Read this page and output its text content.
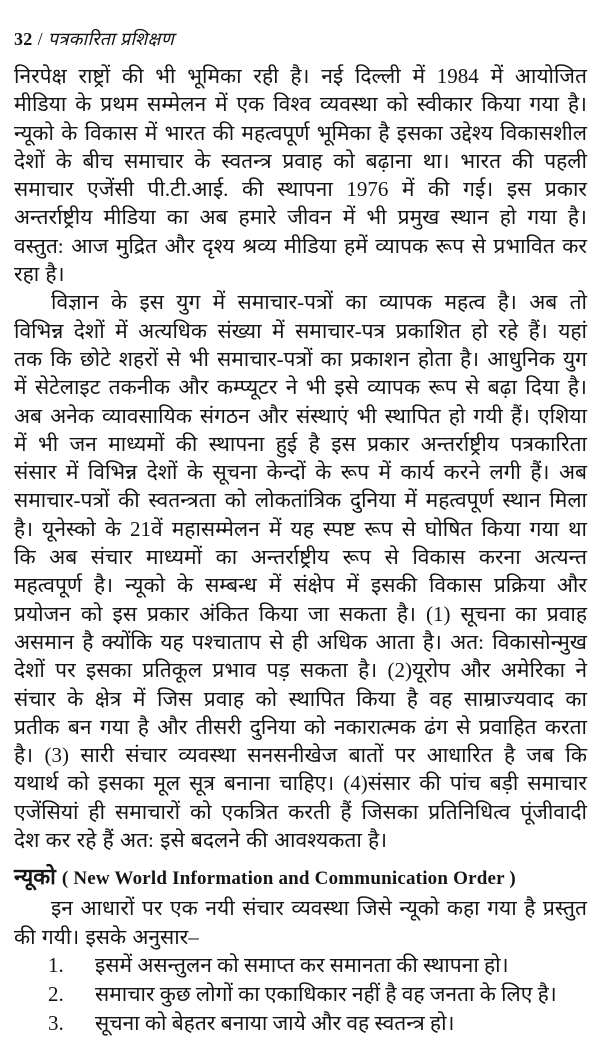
32 / पत्रकारिता प्रशिक्षण
निरपेक्ष राष्ट्रों की भी भूमिका रही है। नई दिल्ली में 1984 में आयोजित
मीडिया के प्रथम सम्मेलन में एक विश्व व्यवस्था को स्वीकार किया गया है।
न्यूको के विकास में भारत की महत्वपूर्ण भूमिका है इसका उद्देश्य विकासशील
देशों के बीच समाचार के स्वतन्त्र प्रवाह को बढ़ाना था। भारत की पहली
समाचार एजेंसी पी.टी.आई. की स्थापना 1976 में की गई। इस प्रकार
अन्तर्राष्ट्रीय मीडिया का अब हमारे जीवन में भी प्रमुख स्थान हो गया है।
वस्तुत: आज मुद्रित और दृश्य श्रव्य मीडिया हमें व्यापक रूप से प्रभावित कर
रहा है।
विज्ञान के इस युग में समाचार-पत्रों का व्यापक महत्व है। अब तो
विभिन्न देशों में अत्यधिक संख्या में समाचार-पत्र प्रकाशित हो रहे हैं। यहां
तक कि छोटे शहरों से भी समाचार-पत्रों का प्रकाशन होता है। आधुनिक युग
में सेटेलाइट तकनीक और कम्प्यूटर ने भी इसे व्यापक रूप से बढ़ा दिया है।
अब अनेक व्यावसायिक संगठन और संस्थाएं भी स्थापित हो गयी हैं। एशिया
में भी जन माध्यमों की स्थापना हुई है इस प्रकार अन्तर्राष्ट्रीय पत्रकारिता
संसार में विभिन्न देशों के सूचना केन्दों के रूप में कार्य करने लगी हैं। अब
समाचार-पत्रों की स्वतन्त्रता को लोकतांत्रिक दुनिया में महत्वपूर्ण स्थान मिला
है। यूनेस्को के 21वें महासम्मेलन में यह स्पष्ट रूप से घोषित किया गया था
कि अब संचार माध्यमों का अन्तर्राष्ट्रीय रूप से विकास करना अत्यन्त
महत्वपूर्ण है। न्यूको के सम्बन्ध में संक्षेप में इसकी विकास प्रक्रिया और
प्रयोजन को इस प्रकार अंकित किया जा सकता है। (1) सूचना का प्रवाह
असमान है क्योंकि यह पश्चाताप से ही अधिक आता है। अत: विकासोन्मुख
देशों पर इसका प्रतिकूल प्रभाव पड़ सकता है। (2)यूरोप और अमेरिका ने
संचार के क्षेत्र में जिस प्रवाह को स्थापित किया है वह साम्राज्यवाद का
प्रतीक बन गया है और तीसरी दुनिया को नकारात्मक ढंग से प्रवाहित करता
है। (3) सारी संचार व्यवस्था सनसनीखेज बातों पर आधारित है जब कि
यथार्थ को इसका मूल सूत्र बनाना चाहिए। (4)संसार की पांच बड़ी समाचार
एजेंसियां ही समाचारों को एकत्रित करती हैं जिसका प्रतिनिधित्व पूंजीवादी
देश कर रहे हैं अत: इसे बदलने की आवश्यकता है।
न्यूको ( New World Information and Communication Order )
इन आधारों पर एक नयी संचार व्यवस्था जिसे न्यूको कहा गया है प्रस्तुत
की गयी। इसके अनुसार–
1.	इसमें असन्तुलन को समाप्त कर समानता की स्थापना हो।
2.	समाचार कुछ लोगों का एकाधिकार नहीं है वह जनता के लिए है।
3.	सूचना को बेहतर बनाया जाये और वह स्वतन्त्र हो।
